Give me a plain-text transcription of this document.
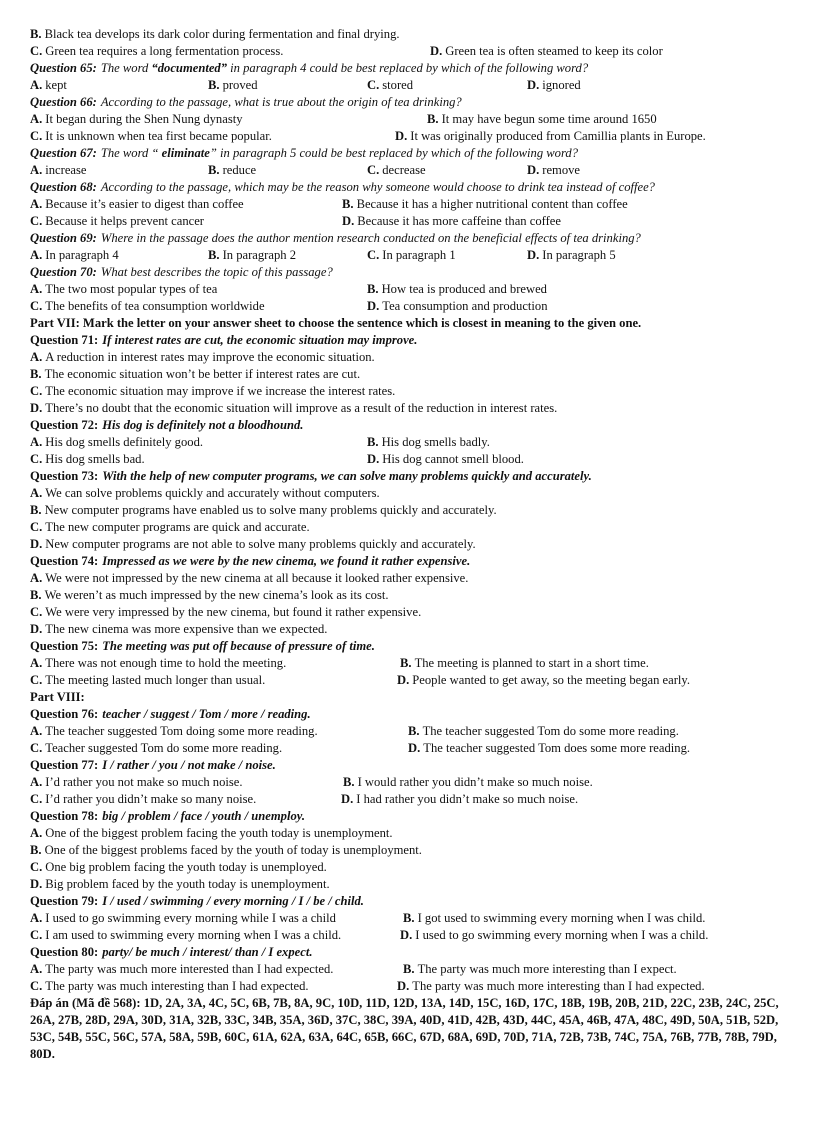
B. Black tea develops its dark color during fermentation and final drying.
C. Green tea requires a long fermentation process.	D. Green tea is often steamed to keep its color
Question 65: The word “documented” in paragraph 4 could be best replaced by which of the following word?
A. kept	B. proved	C. stored	D. ignored
Question 66: According to the passage, what is true about the origin of tea drinking?
A. It began during the Shen Nung dynasty	B. It may have begun some time around 1650
C. It is unknown when tea first became popular.	D. It was originally produced from Camillia plants in Europe.
Question 67: The word “ eliminate” in paragraph 5 could be best replaced by which of the following word?
A. increase	B. reduce	C. decrease	D. remove
Question 68: According to the passage, which may be the reason why someone would choose to drink tea instead of coffee?
A. Because it’s easier to digest than coffee	B. Because it has a higher nutritional content than coffee
C. Because it helps prevent cancer	D. Because it has more caffeine than coffee
Question 69: Where in the passage does the author mention research conducted on the beneficial effects of tea drinking?
A. In paragraph 4	B. In paragraph 2	C. In paragraph 1	D. In paragraph 5
Question 70: What best describes the topic of this passage?
A. The two most popular types of tea	B. How tea is produced and brewed
C. The benefits of tea consumption worldwide	D. Tea consumption and production
Part VII: Mark the letter on your answer sheet to choose the sentence which is closest in meaning to the given one.
Question 71: If interest rates are cut, the economic situation may improve.
A. A reduction in interest rates may improve the economic situation.
B. The economic situation won’t be better if interest rates are cut.
C. The economic situation may improve if we increase the interest rates.
D. There’s no doubt that the economic situation will improve as a result of the reduction in interest rates.
Question 72: His dog is definitely not a bloodhound.
A. His dog smells definitely good.	B. His dog smells badly.
C. His dog smells bad.	D. His dog cannot smell blood.
Question 73: With the help of new computer programs, we can solve many problems quickly and accurately.
A. We can solve problems quickly and accurately without computers.
B. New computer programs have enabled us to solve many problems quickly and accurately.
C. The new computer programs are quick and accurate.
D. New computer programs are not able to solve many problems quickly and accurately.
Question 74: Impressed as we were by the new cinema, we found it rather expensive.
A. We were not impressed by the new cinema at all because it looked rather expensive.
B. We weren’t as much impressed by the new cinema’s look as its cost.
C. We were very impressed by the new cinema, but found it rather expensive.
D. The new cinema was more expensive than we expected.
Question 75: The meeting was put off because of pressure of time.
A. There was not enough time to hold the meeting.	B. The meeting is planned to start in a short time.
C. The meeting lasted much longer than usual.	D. People wanted to get away, so the meeting began early.
Part VIII:
Question 76: teacher / suggest / Tom / more / reading.
A. The teacher suggested Tom doing some more reading.	B. The teacher suggested Tom do some more reading.
C. Teacher suggested Tom do some more reading.	D. The teacher suggested Tom does some more reading.
Question 77: I / rather / you / not make / noise.
A. I’d rather you not make so much noise.	B. I would rather you didn’t make so much noise.
C. I’d rather you didn’t make so many noise.	D. I had rather you didn’t make so much noise.
Question 78: big / problem / face / youth / unemploy.
A. One of the biggest problem facing the youth today is unemployment.
B. One of the biggest problems faced by the youth of today is unemployment.
C. One big problem facing the youth today is unemployed.
D. Big problem faced by the youth today is unemployment.
Question 79: I / used / swimming / every morning / I / be / child.
A. I used to go swimming every morning while I was a child	B. I got used to swimming every morning when I was child.
C. I am used to swimming every morning when I was a child.	D. I used to go swimming every morning when I was a child.
Question 80: party/ be much / interest/ than / I expect.
A. The party was much more interested than I had expected.	B. The party was much more interesting than I expect.
C. The party was much interesting than I had expected.	D. The party was much more interesting than I had expected.
Đáp án (Mã đề 568): 1D, 2A, 3A, 4C, 5C, 6B, 7B, 8A, 9C, 10D, 11D, 12D, 13A, 14D, 15C, 16D, 17C, 18B, 19B, 20B, 21D, 22C, 23B, 24C, 25C, 26A, 27B, 28D, 29A, 30D, 31A, 32B, 33C, 34B, 35A, 36D, 37C, 38C, 39A, 40D, 41D, 42B, 43D, 44C, 45A, 46B, 47A, 48C, 49D, 50A, 51B, 52D, 53C, 54B, 55C, 56C, 57A, 58A, 59B, 60C, 61A, 62A, 63A, 64C, 65B, 66C, 67D, 68A, 69D, 70D, 71A, 72B, 73B, 74C, 75A, 76B, 77B, 78B, 79D, 80D.
